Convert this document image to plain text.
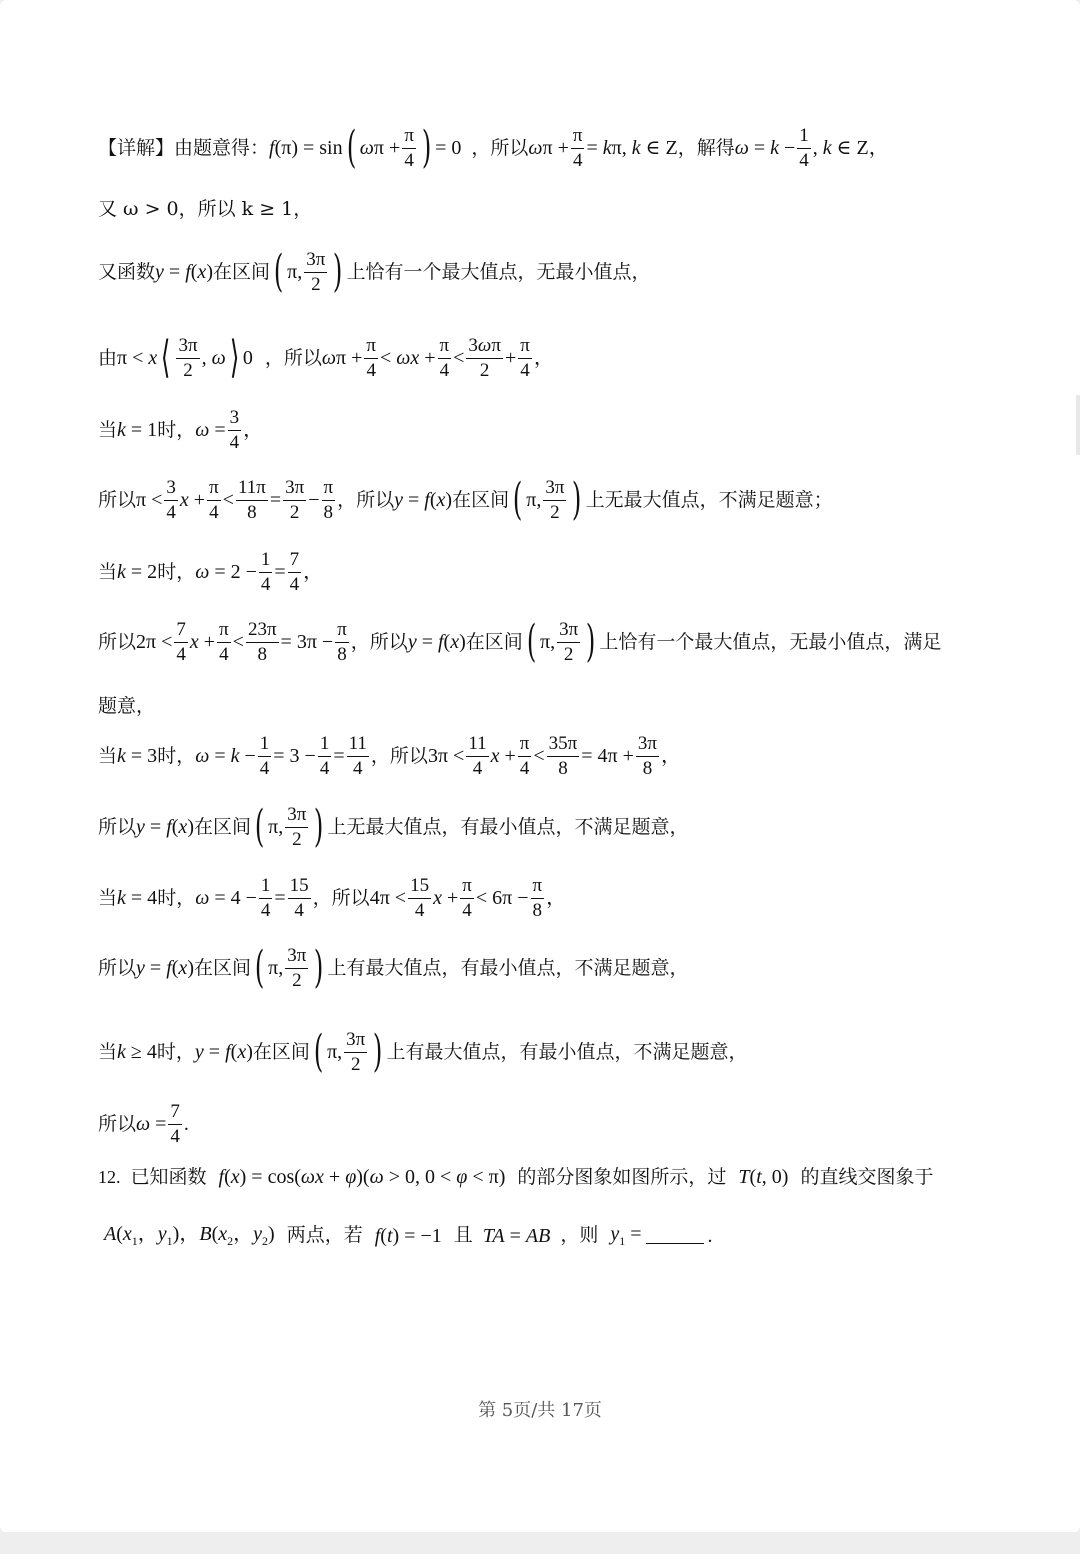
【详解】由题意得： f(π) = sin ( $\omega\pi + \frac{\pi}{4}$ ) = 0 ，所以 $\omega\pi + \frac{\pi}{4} = k\pi$, k ∈ Z ，解得 $\omega = k - \frac{1}{4}$ , k ∈ Z，
又 ω > 0，所以 k ≥ 1，
又函数 y = f(x) 在区间 ( π, $\frac{3\pi}{2}$ ) 上恰有一个最大值点，无最小值点，
由 π < x ⟨ $\frac{3\pi}{2}$ , ω ⟩ 0 ，所以 $\omega\pi + \frac{\pi}{4} < \omega x + \frac{\pi}{4} < \frac{3\omega\pi}{2} + \frac{\pi}{4}$ ，
当 k = 1 时， $\omega = \frac{3}{4}$ ，
所以 $\pi < \frac{3}{4}$ $x + \frac{\pi}{4} < \frac{11\pi}{8} = \frac{3\pi}{2} - \frac{\pi}{8}$ ，所以 y = f(x) 在区间 ( π, $\frac{3\pi}{2}$ ) 上无最大值点，不满足题意；
当 k = 2 时， $\omega = 2 - \frac{1}{4} = \frac{7}{4}$ ，
所以 $2\pi < \frac{7}{4}$ $x + \frac{\pi}{4} < \frac{23\pi}{8} = 3\pi - \frac{\pi}{8}$ ，所以 y = f(x) 在区间 ( π, $\frac{3\pi}{2}$ ) 上恰有一个最大值点，无最小值点，满足
题意，
当 k = 3 时， $\omega = k - \frac{1}{4} = 3 - \frac{1}{4} = \frac{11}{4}$ ，所以 $3\pi < \frac{11}{4}$ $x + \frac{\pi}{4} < \frac{35\pi}{8} = 4\pi + \frac{3\pi}{8}$ ，
所以 y = f(x) 在区间 ( π, $\frac{3\pi}{2}$ ) 上无最大值点，有最小值点，不满足题意，
当 k = 4 时， $\omega = 4 - \frac{1}{4} = \frac{15}{4}$ ，所以 $4\pi < \frac{15}{4}$ $x + \frac{\pi}{4} < 6\pi - \frac{\pi}{8}$ ，
所以 y = f(x) 在区间 ( π, $\frac{3\pi}{2}$ ) 上有最大值点，有最小值点，不满足题意，
当 k ≥ 4 时， y = f(x) 在区间 ( π, $\frac{3\pi}{2}$ ) 上有最大值点，有最小值点，不满足题意，
所以 $\omega = \frac{7}{4}$ .
12. 已知函数 f(x) = cos(ωx + φ)(ω > 0, 0 < φ < π) 的部分图象如图所示，过 T(t, 0) 的直线交图象于
$A(x_1$，$y_1$)，$B(x_2$，$y_2$) 两点，若 f(t) = −1 且 TA = AB ，则 $y_1$ =	.
第 5页/共 17页
